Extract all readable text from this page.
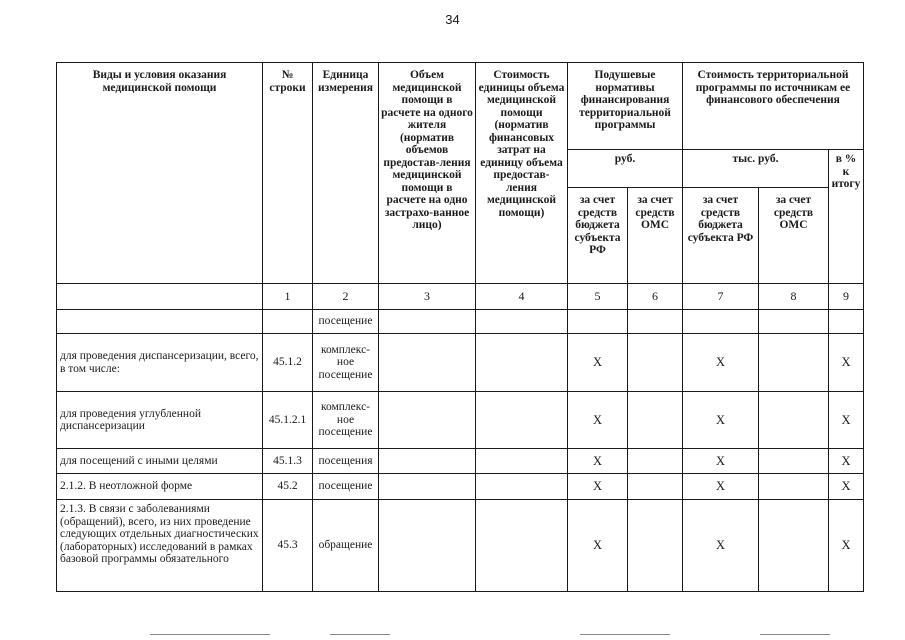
34
Виды и условия оказания медицинской помощи	№ строки	Единица измерения	Объем медицинской помощи в расчете на одного жителя (норматив объемов предостав-ления медицинской помощи в расчете на одно застрахо-ванное лицо)	Стоимость единицы объема медицинской помощи (норматив финансовых затрат на единицу объема предостав-ления медицинской помощи)	Подушевые нормативы финансирования территориальной программы		Стоимость территориальной программы по источникам ее финансового обеспечения		
					руб.		тыс. руб.		в % к итогу
					за счет средств бюджета субъекта РФ	за счет средств ОМС	за счет средств бюджета субъекта РФ	за счет средств ОМС	
	1	2	3	4	5	6	7	8	9
		посещение							
для проведения диспансеризации, всего, в том числе:	45.1.2	комплекс-ное посещение			Х		Х		Х
для проведения углубленной диспансеризации	45.1.2.1	комплекс-ное посещение			Х		Х		Х
для посещений с иными целями	45.1.3	посещения			Х		Х		Х
2.1.2. В неотложной форме	45.2	посещение			Х		Х		Х
2.1.3. В связи с заболеваниями (обращений), всего, из них проведение следующих отдельных диагностических (лабораторных) исследований в рамках базовой программы обязательного	45.3	обращение			Х		Х		Х
